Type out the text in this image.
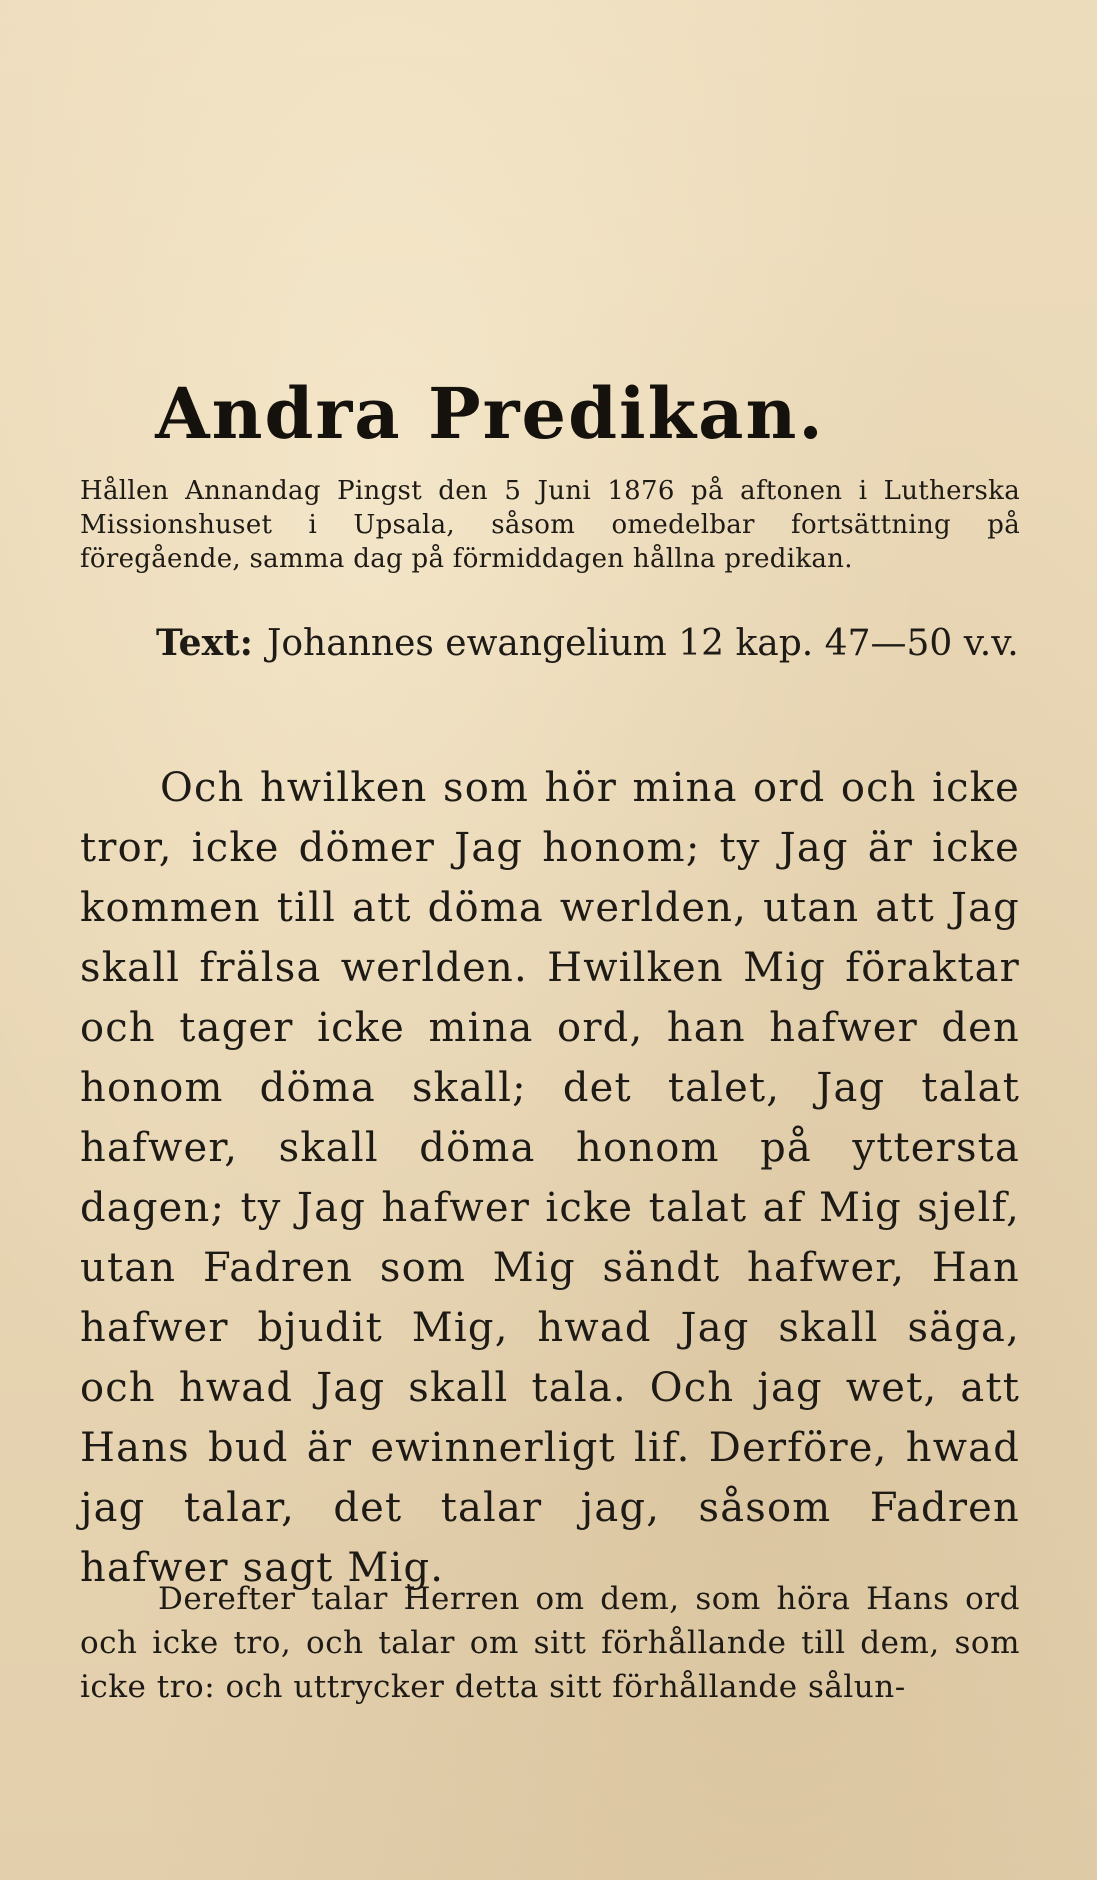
Andra Predikan.

Hållen Annandag Pingst den 5 Juni 1876 på aftonen i Lutherska Missionshuset i Upsala, såsom omedelbar fortsättning på föregående, samma dag på förmiddagen hållna predikan.

Text: Johannes ewangelium 12 kap. 47—50 v.v.

Och hwilken som hör mina ord och icke tror, icke dömer Jag honom; ty Jag är icke kommen till att döma werlden, utan att Jag skall frälsa werlden. Hwilken Mig föraktar och tager icke mina ord, han hafwer den honom döma skall; det talet, Jag talat hafwer, skall döma honom på yttersta dagen; ty Jag hafwer icke talat af Mig sjelf, utan Fadren som Mig sändt hafwer, Han hafwer bjudit Mig, hwad Jag skall säga, och hwad Jag skall tala. Och jag wet, att Hans bud är ewinnerligt lif. Derföre, hwad jag talar, det talar jag, såsom Fadren hafwer sagt Mig.

Derefter talar Herren om dem, som höra Hans ord och icke tro, och talar om sitt förhållande till dem, som icke tro: och uttrycker detta sitt förhållande sålun-
